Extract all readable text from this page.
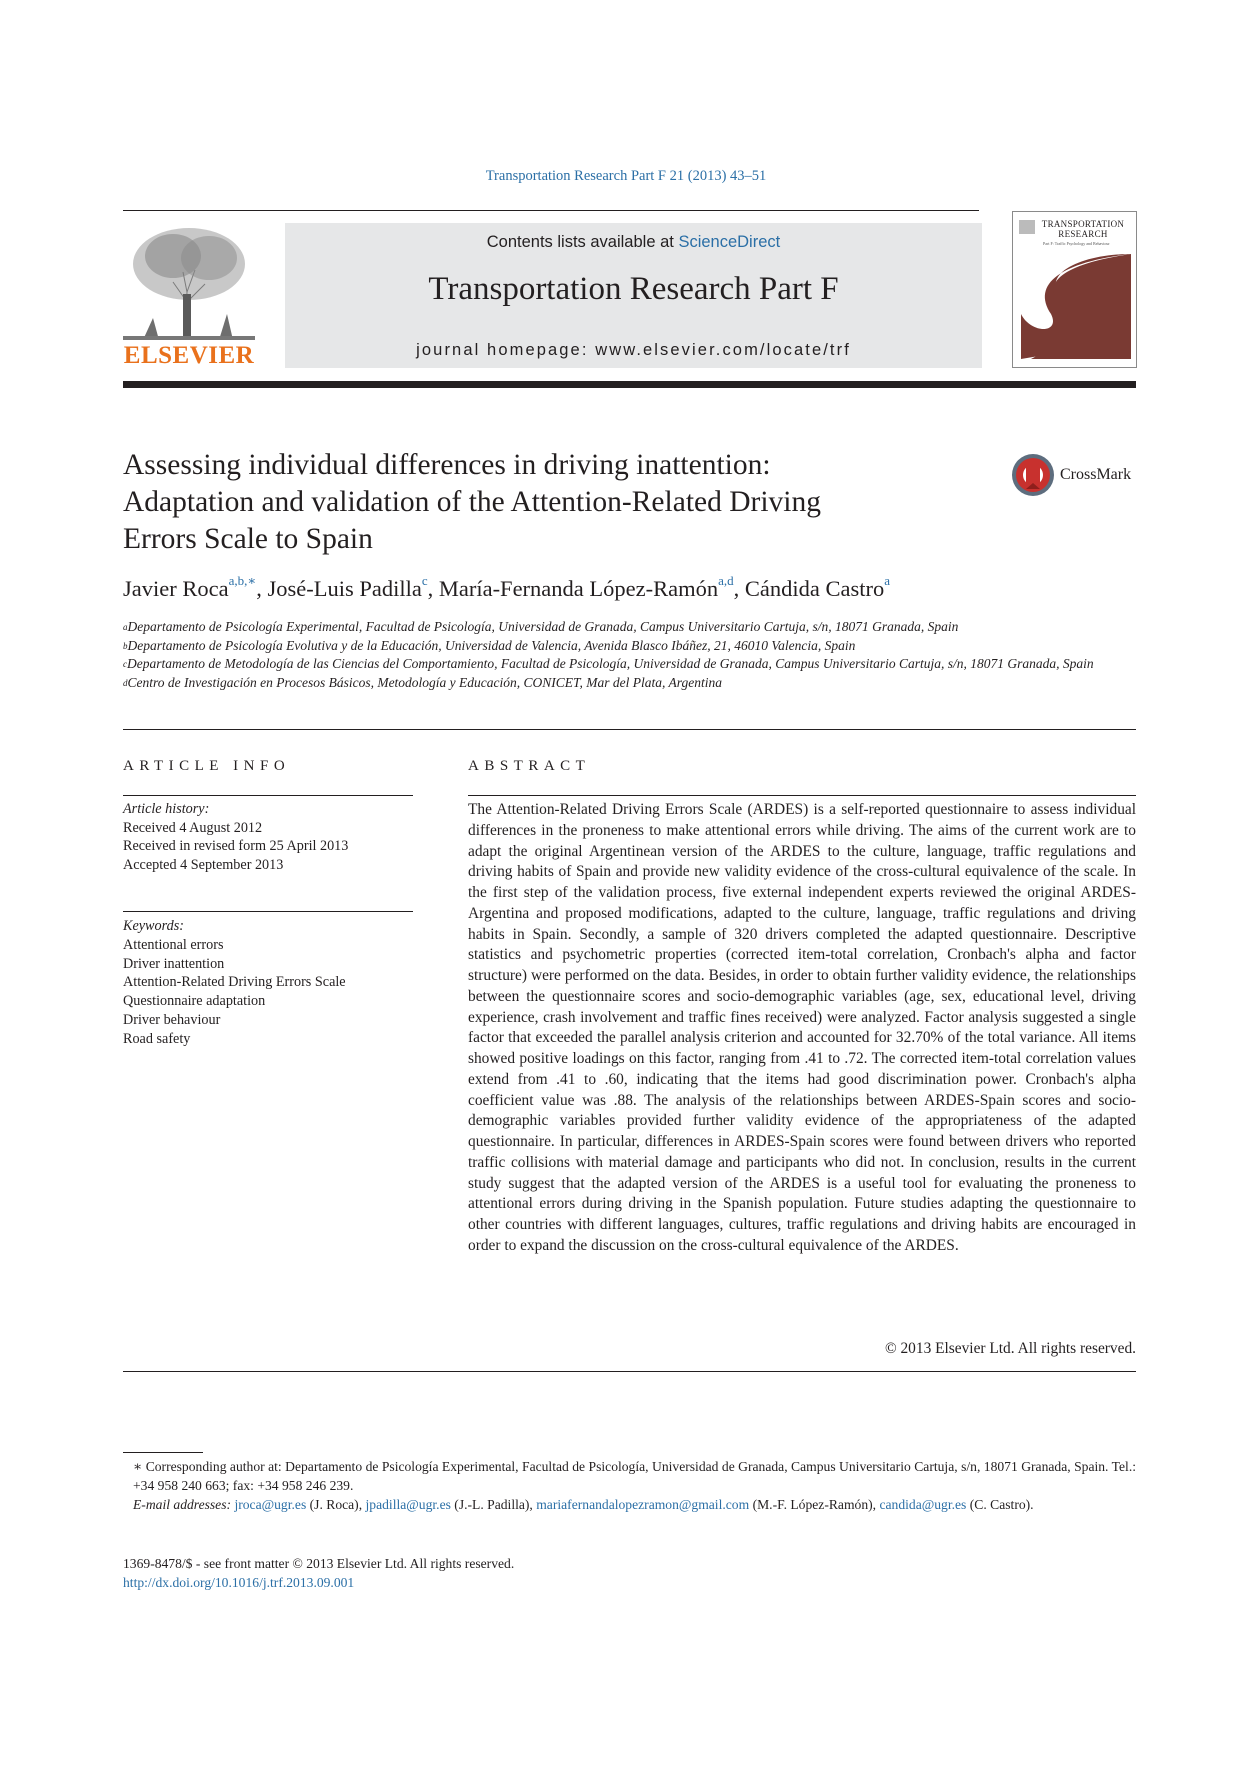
Transportation Research Part F 21 (2013) 43–51
ELSEVIER
Contents lists available at ScienceDirect
Transportation Research Part F
journal homepage: www.elsevier.com/locate/trf
TRANSPORTATION
RESEARCH
Part F: Traffic Psychology and Behaviour
Assessing individual differences in driving inattention: Adaptation and validation of the Attention-Related Driving Errors Scale to Spain
CrossMark
Javier Roca$^{a,b,∗}$, José-Luis Padilla$^c$, María-Fernanda López-Ramón$^{a,d}$, Cándida Castro$^a$
$^a$Departamento de Psicología Experimental, Facultad de Psicología, Universidad de Granada, Campus Universitario Cartuja, s/n, 18071 Granada, Spain
$^b$Departamento de Psicología Evolutiva y de la Educación, Universidad de Valencia, Avenida Blasco Ibáñez, 21, 46010 Valencia, Spain
$^c$Departamento de Metodología de las Ciencias del Comportamiento, Facultad de Psicología, Universidad de Granada, Campus Universitario Cartuja, s/n, 18071 Granada, Spain
$^d$Centro de Investigación en Procesos Básicos, Metodología y Educación, CONICET, Mar del Plata, Argentina
ARTICLE INFO	ABSTRACT
Article history:
Received 4 August 2012
Received in revised form 25 April 2013
Accepted 4 September 2013
Keywords:
Attentional errors
Driver inattention
Attention-Related Driving Errors Scale
Questionnaire adaptation
Driver behaviour
Road safety
The Attention-Related Driving Errors Scale (ARDES) is a self-reported questionnaire to assess individual differences in the proneness to make attentional errors while driving. The aims of the current work are to adapt the original Argentinean version of the ARDES to the culture, language, traffic regulations and driving habits of Spain and provide new validity evidence of the cross-cultural equivalence of the scale. In the first step of the validation process, five external independent experts reviewed the original ARDES-Argentina and proposed modifications, adapted to the culture, language, traffic regulations and driving habits in Spain. Secondly, a sample of 320 drivers completed the adapted questionnaire. Descriptive statistics and psychometric properties (corrected item-total correlation, Cronbach's alpha and factor structure) were performed on the data. Besides, in order to obtain further validity evidence, the relationships between the questionnaire scores and socio-demographic variables (age, sex, educational level, driving experience, crash involvement and traffic fines received) were analyzed. Factor analysis suggested a single factor that exceeded the parallel analysis criterion and accounted for 32.70% of the total variance. All items showed positive loadings on this factor, ranging from .41 to .72. The corrected item-total correlation values extend from .41 to .60, indicating that the items had good discrimination power. Cronbach's alpha coefficient value was .88. The analysis of the relationships between ARDES-Spain scores and socio-demographic variables provided further validity evidence of the appropriateness of the adapted questionnaire. In particular, differences in ARDES-Spain scores were found between drivers who reported traffic collisions with material damage and participants who did not. In conclusion, results in the current study suggest that the adapted version of the ARDES is a useful tool for evaluating the proneness to attentional errors during driving in the Spanish population. Future studies adapting the questionnaire to other countries with different languages, cultures, traffic regulations and driving habits are encouraged in order to expand the discussion on the cross-cultural equivalence of the ARDES.
© 2013 Elsevier Ltd. All rights reserved.
∗ Corresponding author at: Departamento de Psicología Experimental, Facultad de Psicología, Universidad de Granada, Campus Universitario Cartuja, s/n, 18071 Granada, Spain. Tel.: +34 958 240 663; fax: +34 958 246 239.
E-mail addresses: jroca@ugr.es (J. Roca), jpadilla@ugr.es (J.-L. Padilla), mariafernandalopezramon@gmail.com (M.-F. López-Ramón), candida@ugr.es (C. Castro).
1369-8478/$ - see front matter © 2013 Elsevier Ltd. All rights reserved.
http://dx.doi.org/10.1016/j.trf.2013.09.001
